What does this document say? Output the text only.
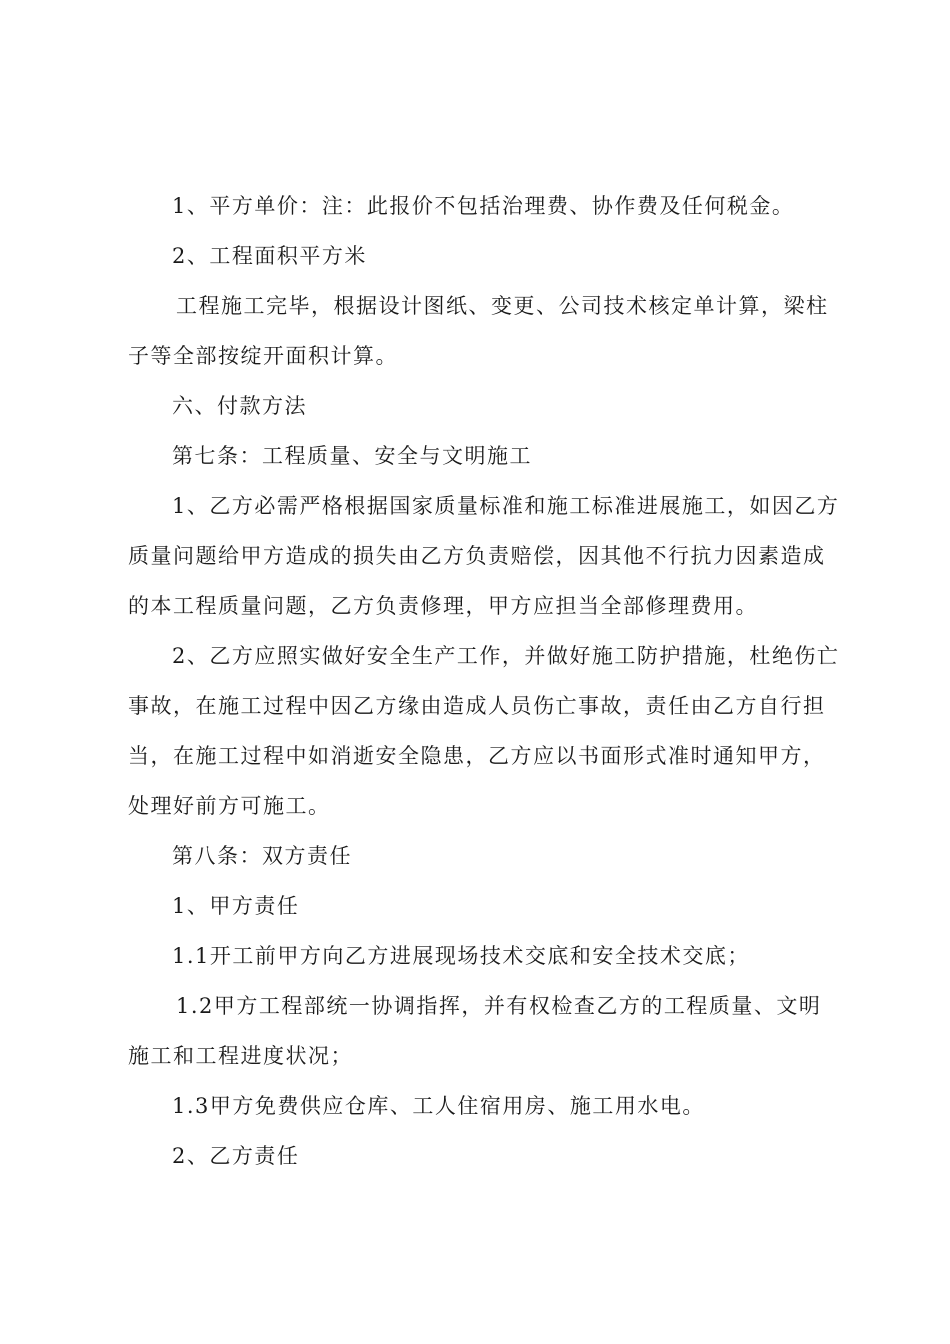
1、平方单价：注：此报价不包括治理费、协作费及任何税金。
2、工程面积平方米
工程施工完毕，根据设计图纸、变更、公司技术核定单计算，梁柱
子等全部按绽开面积计算。
六、付款方法
第七条：工程质量、安全与文明施工
1、乙方必需严格根据国家质量标准和施工标准进展施工，如因乙方
质量问题给甲方造成的损失由乙方负责赔偿，因其他不行抗力因素造成
的本工程质量问题，乙方负责修理，甲方应担当全部修理费用。
2、乙方应照实做好安全生产工作，并做好施工防护措施，杜绝伤亡
事故，在施工过程中因乙方缘由造成人员伤亡事故，责任由乙方自行担
当，在施工过程中如消逝安全隐患，乙方应以书面形式准时通知甲方，
处理好前方可施工。
第八条：双方责任
1、甲方责任
1.1开工前甲方向乙方进展现场技术交底和安全技术交底；
1.2甲方工程部统一协调指挥，并有权检查乙方的工程质量、文明
施工和工程进度状况；
1.3甲方免费供应仓库、工人住宿用房、施工用水电。
2、乙方责任
